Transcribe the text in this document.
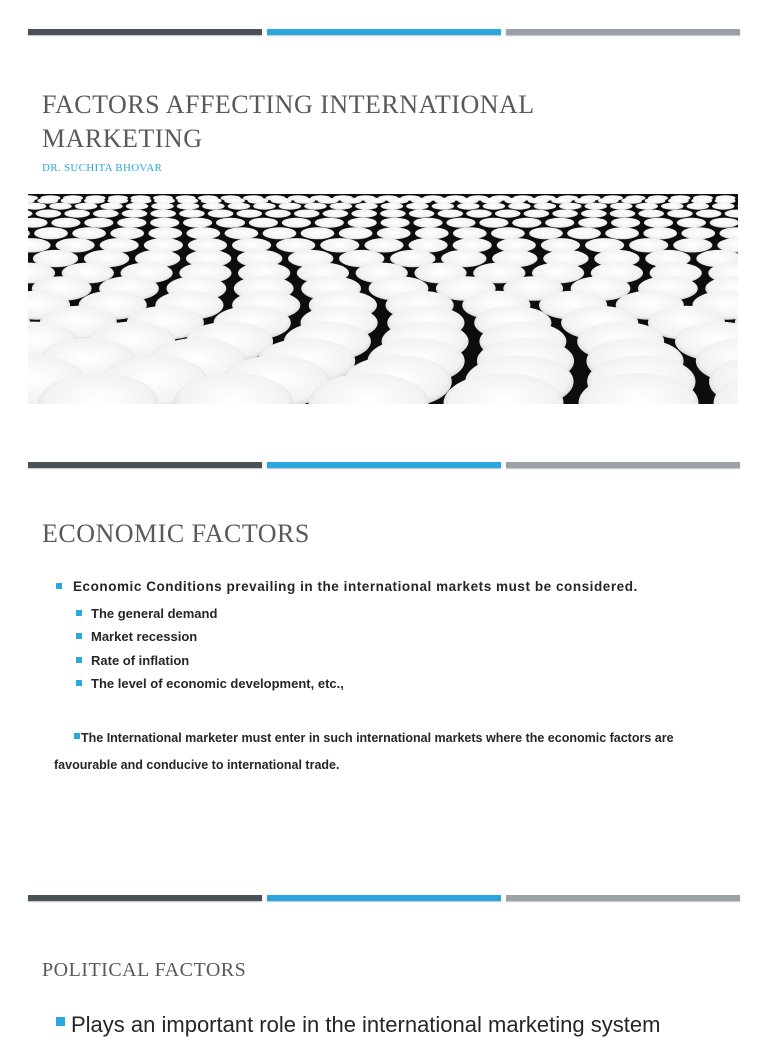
FACTORS AFFECTING INTERNATIONAL MARKETING
DR. SUCHITA BHOVAR
ECONOMIC FACTORS
Economic Conditions prevailing in the international markets must be considered.
The general demand
Market recession
Rate of inflation
The level of economic development, etc.,

The International marketer must enter in such international markets where the economic factors are favourable and conducive to international trade.

POLITICAL FACTORS
Plays an important role in the international marketing system
